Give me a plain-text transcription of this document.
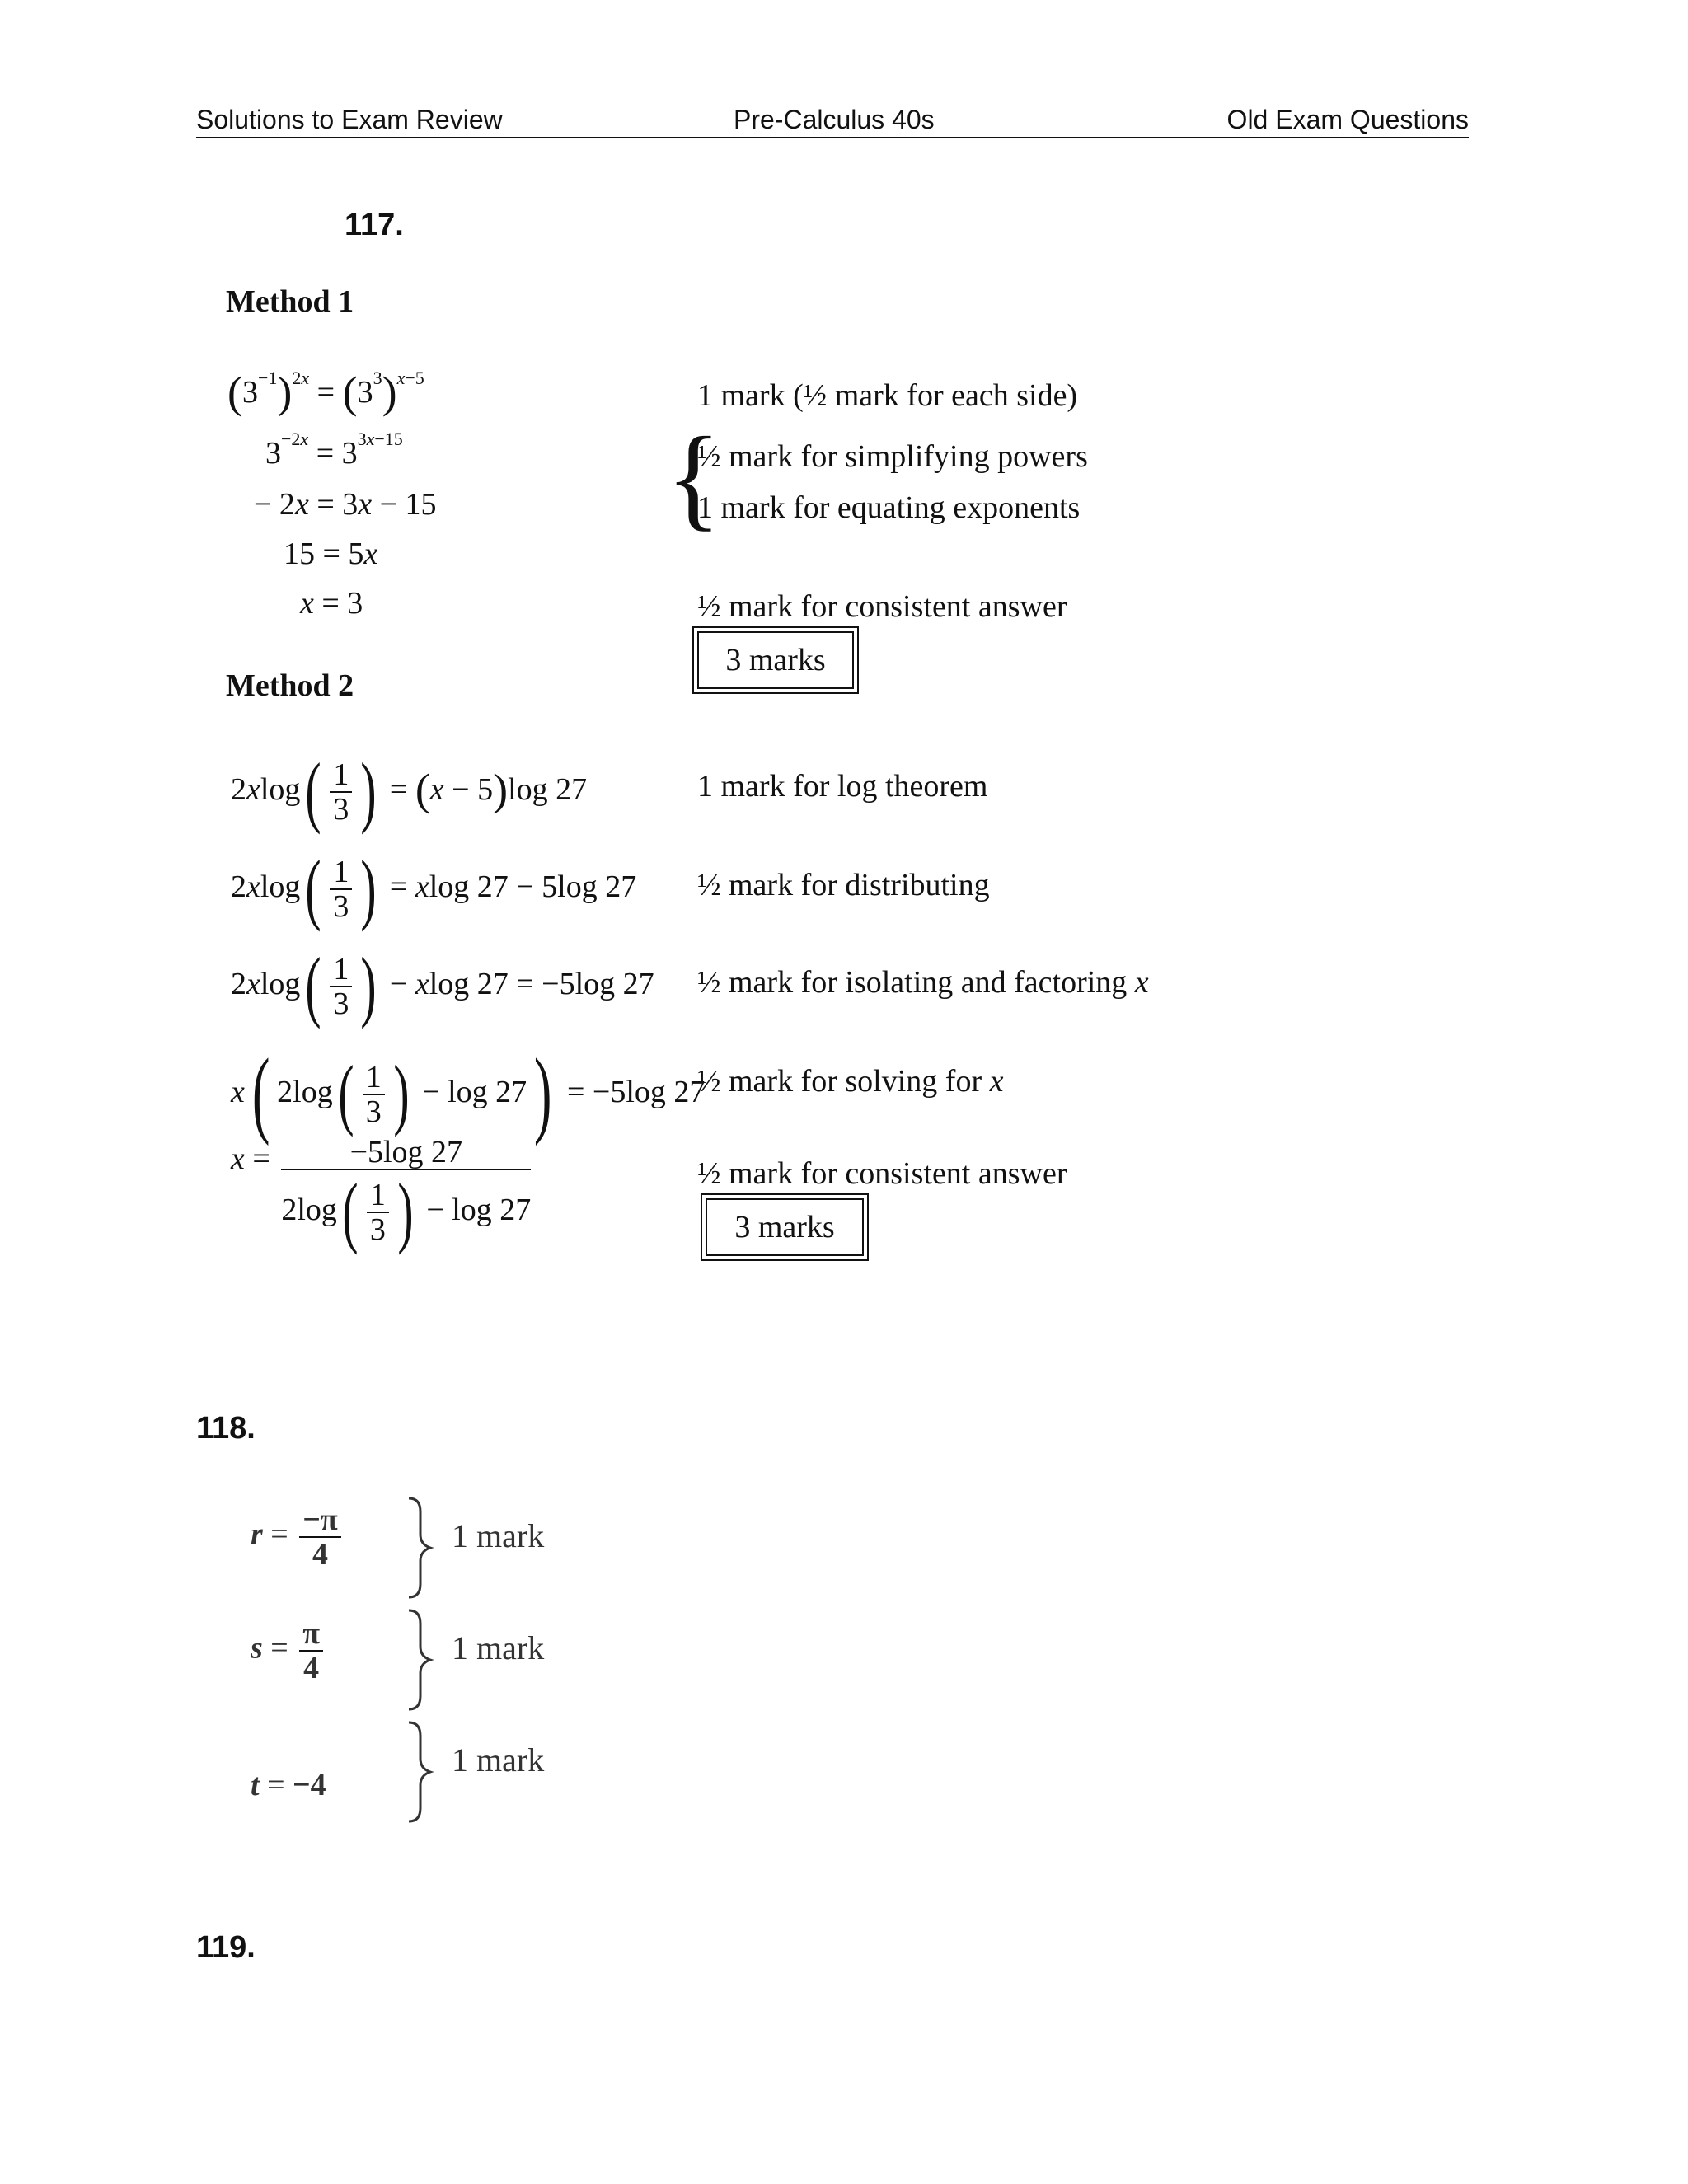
Solutions to Exam Review	Pre-Calculus 40s	Old Exam Questions
117.
Method 1
$(3^{-1})^{2x} = (3^3)^{x-5}$
$3^{-2x} = 3^{3x-15}$
− 2x = 3x − 15
15 = 5x
x = 3
1 mark (½ mark for each side)
{
½ mark for simplifying powers
1 mark for equating exponents
½ mark for consistent answer
3 marks
Method 2
$2xlog( \frac{1}{3}$ ) = (x − 5)log 27
$2xlog( \frac{1}{3}$ ) = xlog 27 − 5log 27
$2xlog( \frac{1}{3}$ ) − xlog 27 = −5log 27
x( $2\log( \frac{1}{3}$ ) − log 27) = −5log 27
$x = \frac{-5\log 27}{2\log( \frac{1}{3} ) - \log 27}$
1 mark for log theorem
½ mark for distributing
½ mark for isolating and factoring x
½ mark for solving for x
½ mark for consistent answer
3 marks
118.
$r = \frac{-\pi}{4}$
$s = \frac{\pi}{4}$
t = −4
1 mark
1 mark
1 mark
119.
